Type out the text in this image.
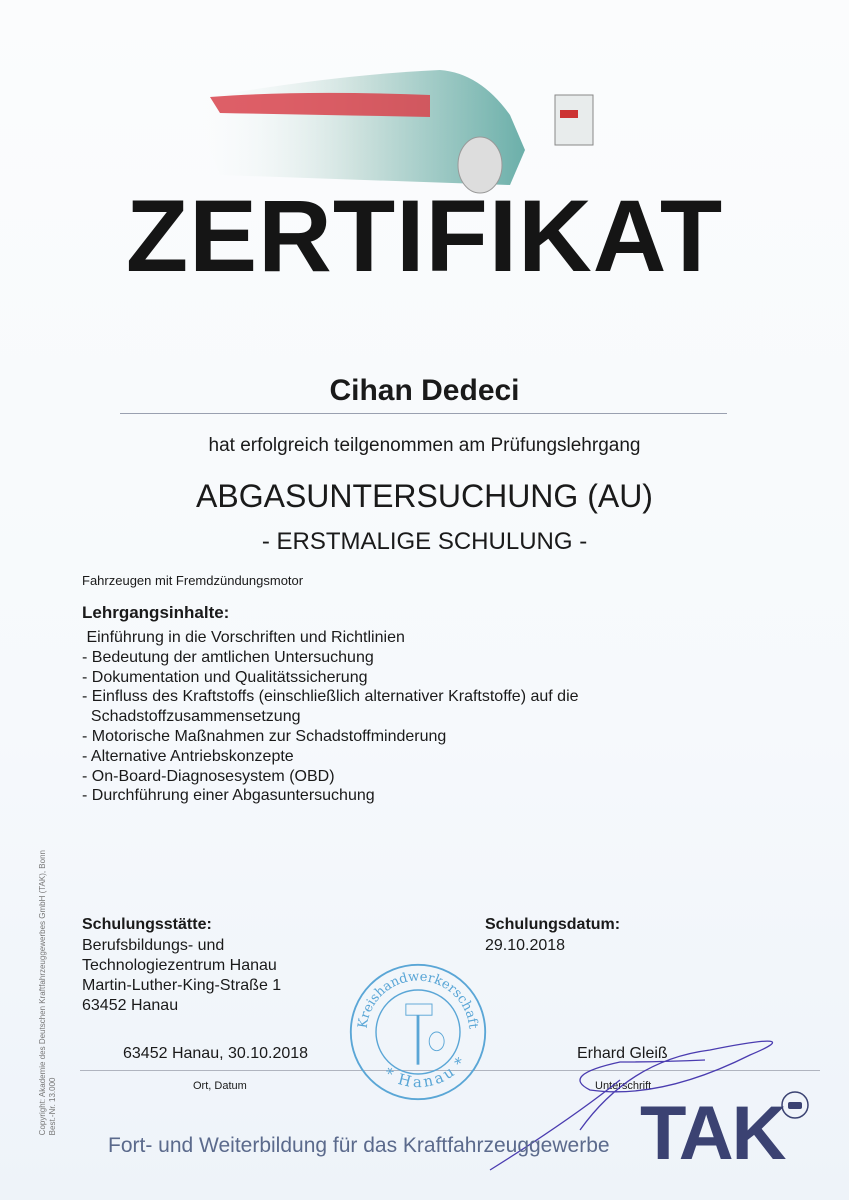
ZERTIFIKAT
Cihan Dedeci
hat erfolgreich teilgenommen am Prüfungslehrgang
ABGASUNTERSUCHUNG (AU)
- ERSTMALIGE SCHULUNG -
Fahrzeugen mit Fremdzündungsmotor
Lehrgangsinhalte:
Einführung in die Vorschriften und Richtlinien
- Bedeutung der amtlichen Untersuchung
- Dokumentation und Qualitätssicherung
- Einfluss des Kraftstoffs (einschließlich alternativer Kraftstoffe) auf die
Schadstoffzusammensetzung
- Motorische Maßnahmen zur Schadstoffminderung
- Alternative Antriebskonzepte
- On-Board-Diagnosesystem (OBD)
- Durchführung einer Abgasuntersuchung
Schulungsstätte:
Berufsbildungs- und
Technologiezentrum Hanau
Martin-Luther-King-Straße 1
63452 Hanau
Schulungsdatum:
29.10.2018
63452 Hanau, 30.10.2018
Ort, Datum
Erhard Gleiß
Unterschrift
Kreishandwerkerschaft
* Hanau *
Fort- und Weiterbildung für das Kraftfahrzeuggewerbe TAK
Copyright: Akademie des Deutschen Kraftfahrzeuggewerbes GmbH (TAK), Bonn Best.-Nr. 13.000
